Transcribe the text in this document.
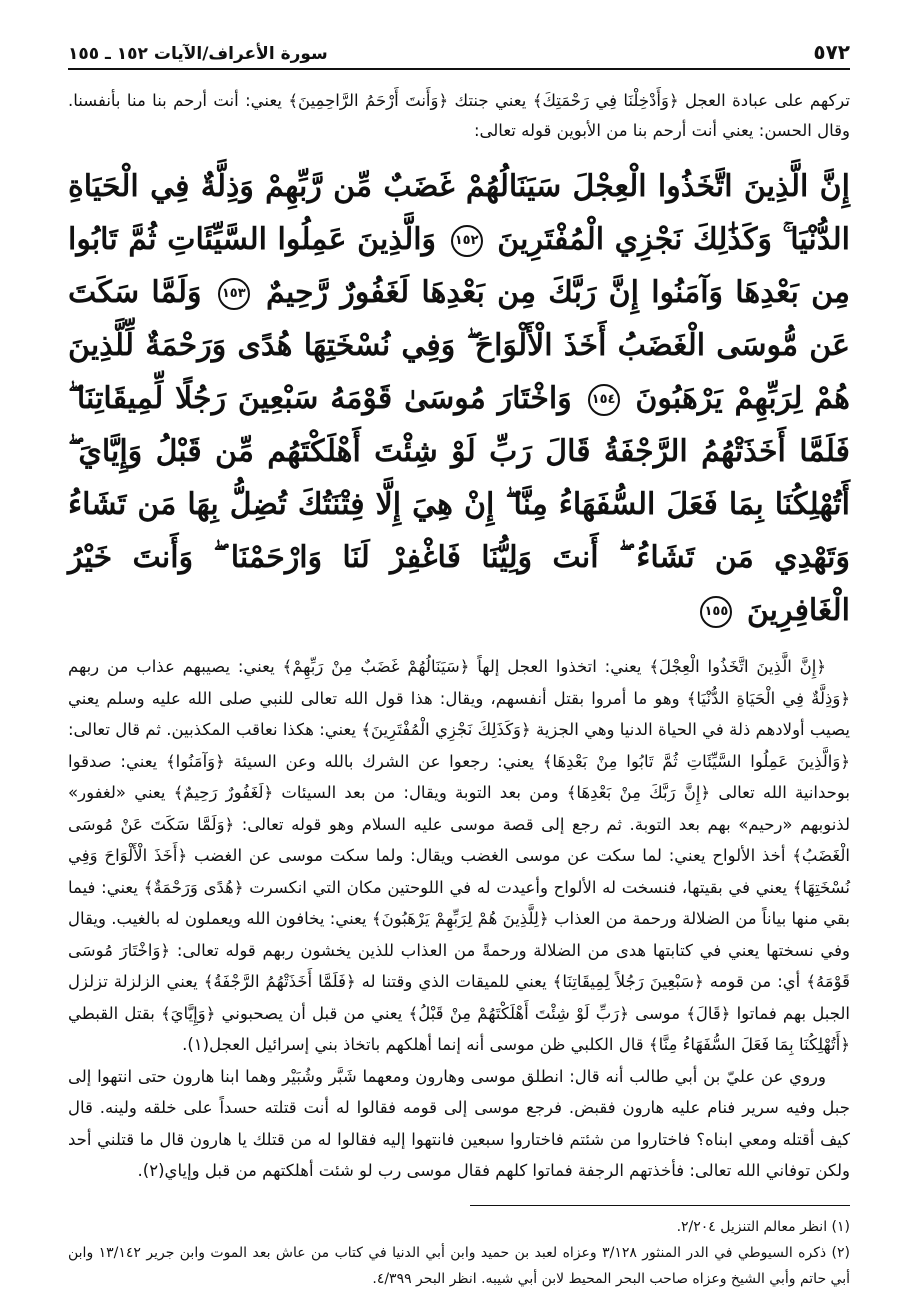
٥٧٢
سورة الأعراف/الآيات ١٥٢ ـ ١٥٥
تركهم على عبادة العجل ﴿وَأَدْخِلْنَا فِي رَحْمَتِكَ﴾ يعني جنتك ﴿وَأَنتَ أَرْحَمُ الرَّاحِمِينَ﴾ يعني: أنت أرحم بنا منا بأنفسنا. وقال الحسن: يعني أنت أرحم بنا من الأبوين قوله تعالى:
إِنَّ الَّذِينَ اتَّخَذُوا الْعِجْلَ سَيَنَالُهُمْ غَضَبٌ مِّن رَّبِّهِمْ وَذِلَّةٌ فِي الْحَيَاةِ الدُّنْيَا ۚ وَكَذَٰلِكَ نَجْزِي الْمُفْتَرِينَ ١٥٢ وَالَّذِينَ عَمِلُوا السَّيِّئَاتِ ثُمَّ تَابُوا مِن بَعْدِهَا وَآمَنُوا إِنَّ رَبَّكَ مِن بَعْدِهَا لَغَفُورٌ رَّحِيمٌ ١٥٣ وَلَمَّا سَكَتَ عَن مُّوسَى الْغَضَبُ أَخَذَ الْأَلْوَاحَ ۖ وَفِي نُسْخَتِهَا هُدًى وَرَحْمَةٌ لِّلَّذِينَ هُمْ لِرَبِّهِمْ يَرْهَبُونَ ١٥٤ وَاخْتَارَ مُوسَىٰ قَوْمَهُ سَبْعِينَ رَجُلًا لِّمِيقَاتِنَا ۖ فَلَمَّا أَخَذَتْهُمُ الرَّجْفَةُ قَالَ رَبِّ لَوْ شِئْتَ أَهْلَكْتَهُم مِّن قَبْلُ وَإِيَّايَ ۖ أَتُهْلِكُنَا بِمَا فَعَلَ السُّفَهَاءُ مِنَّا ۖ إِنْ هِيَ إِلَّا فِتْنَتُكَ تُضِلُّ بِهَا مَن تَشَاءُ وَتَهْدِي مَن تَشَاءُ ۖ أَنتَ وَلِيُّنَا فَاغْفِرْ لَنَا وَارْحَمْنَا ۖ وَأَنتَ خَيْرُ الْغَافِرِينَ ١٥٥

﴿إِنَّ الَّذِينَ اتَّخَذُوا الْعِجْلَ﴾ يعني: اتخذوا العجل إلهاً ﴿سَيَنَالُهُمْ غَضَبٌ مِنْ رَبِّهِمْ﴾ يعني: يصيبهم عذاب من ربهم ﴿وَذِلَّةٌ فِي الْحَيَاةِ الدُّنْيَا﴾ وهو ما أمروا بقتل أنفسهم، ويقال: هذا قول الله تعالى للنبي صلى الله عليه وسلم يعني يصيب أولادهم ذلة في الحياة الدنيا وهي الجزية ﴿وَكَذَلِكَ نَجْزِي الْمُفْتَرِينَ﴾ يعني: هكذا نعاقب المكذبين. ثم قال تعالى: ﴿وَالَّذِينَ عَمِلُوا السَّيِّئَاتِ ثُمَّ تَابُوا مِنْ بَعْدِهَا﴾ يعني: رجعوا عن الشرك بالله وعن السيئة ﴿وَآمَنُوا﴾ يعني: صدقوا بوحدانية الله تعالى ﴿إِنَّ رَبَّكَ مِنْ بَعْدِهَا﴾ ومن بعد التوبة ويقال: من بعد السيئات ﴿لَغَفُورٌ رَحِيمٌ﴾ يعني «لغفور» لذنوبهم «رحيم» بهم بعد التوبة. ثم رجع إلى قصة موسى عليه السلام وهو قوله تعالى: ﴿وَلَمَّا سَكَتَ عَنْ مُوسَى الْغَضَبُ﴾ أخذ الألواح يعني: لما سكت عن موسى الغضب ويقال: ولما سكت موسى عن الغضب ﴿أَخَذَ الْأَلْوَاحَ وَفِي نُسْخَتِهَا﴾ يعني في بقيتها، فنسخت له الألواح وأعيدت له في اللوحتين مكان التي انكسرت ﴿هُدًى وَرَحْمَةٌ﴾ يعني: فيما بقي منها بياناً من الضلالة ورحمة من العذاب ﴿لِلَّذِينَ هُمْ لِرَبِّهِمْ يَرْهَبُونَ﴾ يعني: يخافون الله ويعملون له بالغيب. ويقال وفي نسختها يعني في كتابتها هدى من الضلالة ورحمةً من العذاب للذين يخشون ربهم قوله تعالى: ﴿وَاخْتَارَ مُوسَى قَوْمَهُ﴾ أي: من قومه ﴿سَبْعِينَ رَجُلاً لِمِيقَاتِنَا﴾ يعني للميقات الذي وقتنا له ﴿فَلَمَّا أَخَذَتْهُمُ الرَّجْفَةُ﴾ يعني الزلزلة تزلزل الجبل بهم فماتوا ﴿قَالَ﴾ موسى ﴿رَبِّ لَوْ شِئْتَ أَهْلَكْتَهُمْ مِنْ قَبْلُ﴾ يعني من قبل أن يصحبوني ﴿وَإِيَّايَ﴾ بقتل القبطي ﴿أَتُهْلِكُنَا بِمَا فَعَلَ السُّفَهَاءُ مِنَّا﴾ قال الكلبي ظن موسى أنه إنما أهلكهم باتخاذ بني إسرائيل العجل(١).

وروي عن عليّ بن أبي طالب أنه قال: انطلق موسى وهارون ومعهما شَبَّر وشُبَيْر وهما ابنا هارون حتى انتهوا إلى جبل وفيه سرير فنام عليه هارون فقبض. فرجع موسى إلى قومه فقالوا له أنت قتلته حسداً على خلقه ولينه. قال كيف أقتله ومعي ابناه؟ فاختاروا من شئتم فاختاروا سبعين فانتهوا إليه فقالوا له من قتلك يا هارون قال ما قتلني أحد ولكن توفاني الله تعالى: فأخذتهم الرجفة فماتوا كلهم فقال موسى رب لو شئت أهلكتهم من قبل وإياي(٢).

(١) انظر معالم التنزيل ٢/٢٠٤.
(٢) ذكره السيوطي في الدر المنثور ٣/١٢٨ وعزاه لعبد بن حميد وابن أبي الدنيا في كتاب من عاش بعد الموت وابن جرير ١٣/١٤٢ وابن أبي حاتم وأبي الشيخ وعزاه صاحب البحر المحيط لابن أبي شيبه. انظر البحر ٤/٣٩٩.
